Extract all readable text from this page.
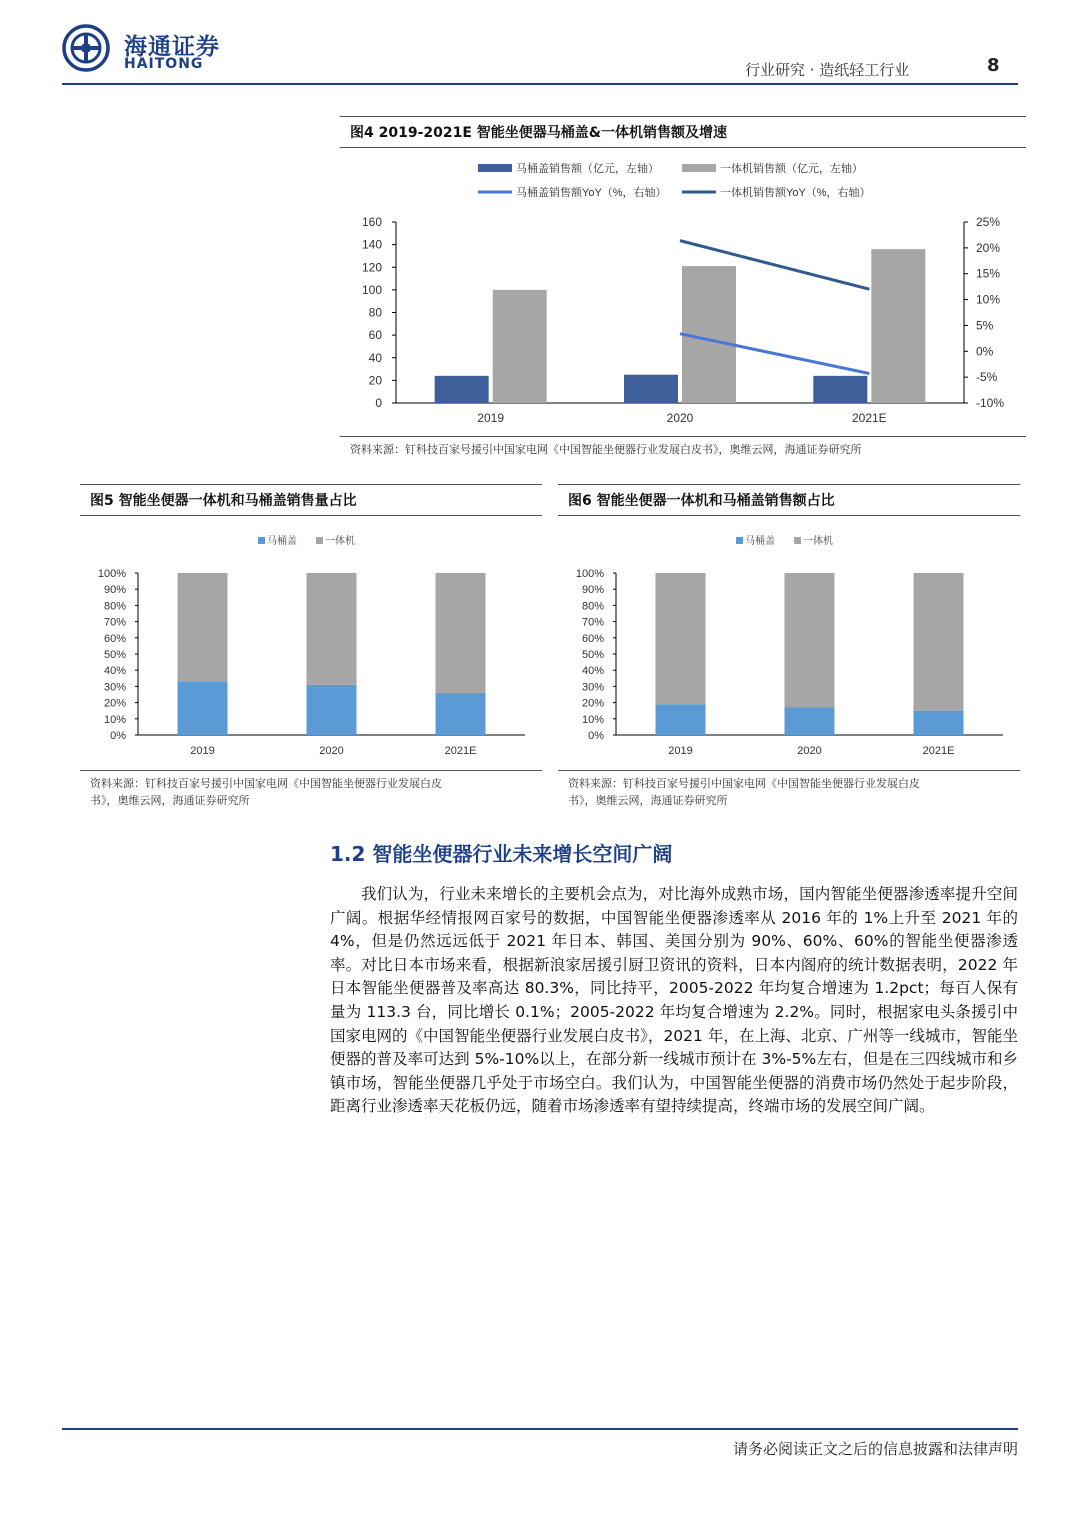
海通证券
HAITONG	行业研究 · 造纸轻工行业	8
图4 2019-2021E 智能坐便器马桶盖&一体机销售额及增速
马桶盖销售额（亿元，左轴）	一体机销售额（亿元，左轴）
马桶盖销售额YoY（%，右轴）	一体机销售额YoY（%，右轴）
0
20
40
60
80
100
120
140
160
-10%
-5%
0%
5%
10%
15%
20%
25%
2019	2020	2021E
资料来源：钉科技百家号援引中国家电网《中国智能坐便器行业发展白皮书》，奥维云网，海通证券研究所
图5 智能坐便器一体机和马桶盖销售量占比
马桶盖	一体机
0%
10%
20%
30%
40%
50%
60%
70%
80%
90%
100%
2019	2020	2021E
资料来源：钉科技百家号援引中国家电网《中国智能坐便器行业发展白皮
书》，奥维云网，海通证券研究所
图6 智能坐便器一体机和马桶盖销售额占比
马桶盖	一体机
0%
10%
20%
30%
40%
50%
60%
70%
80%
90%
100%
2019	2020	2021E
资料来源：钉科技百家号援引中国家电网《中国智能坐便器行业发展白皮
书》，奥维云网，海通证券研究所
1.2 智能坐便器行业未来增长空间广阔

我们认为，行业未来增长的主要机会点为，对比海外成熟市场，国内智能坐便器渗透率提升空间广阔。根据华经情报网百家号的数据，中国智能坐便器渗透率从 2016 年的 1%上升至 2021 年的 4%，但是仍然远远低于 2021 年日本、韩国、美国分别为 90%、60%、60%的智能坐便器渗透率。对比日本市场来看，根据新浪家居援引厨卫资讯的资料，日本内阁府的统计数据表明，2022 年日本智能坐便器普及率高达 80.3%，同比持平，2005-2022 年均复合增速为 1.2pct；每百人保有量为 113.3 台，同比增长 0.1%；2005-2022 年均复合增速为 2.2%。同时，根据家电头条援引中国家电网的《中国智能坐便器行业发展白皮书》，2021 年，在上海、北京、广州等一线城市，智能坐便器的普及率可达到 5%-10%以上，在部分新一线城市预计在 3%-5%左右，但是在三四线城市和乡镇市场，智能坐便器几乎处于市场空白。我们认为，中国智能坐便器的消费市场仍然处于起步阶段，距离行业渗透率天花板仍远，随着市场渗透率有望持续提高，终端市场的发展空间广阔。

请务必阅读正文之后的信息披露和法律声明
